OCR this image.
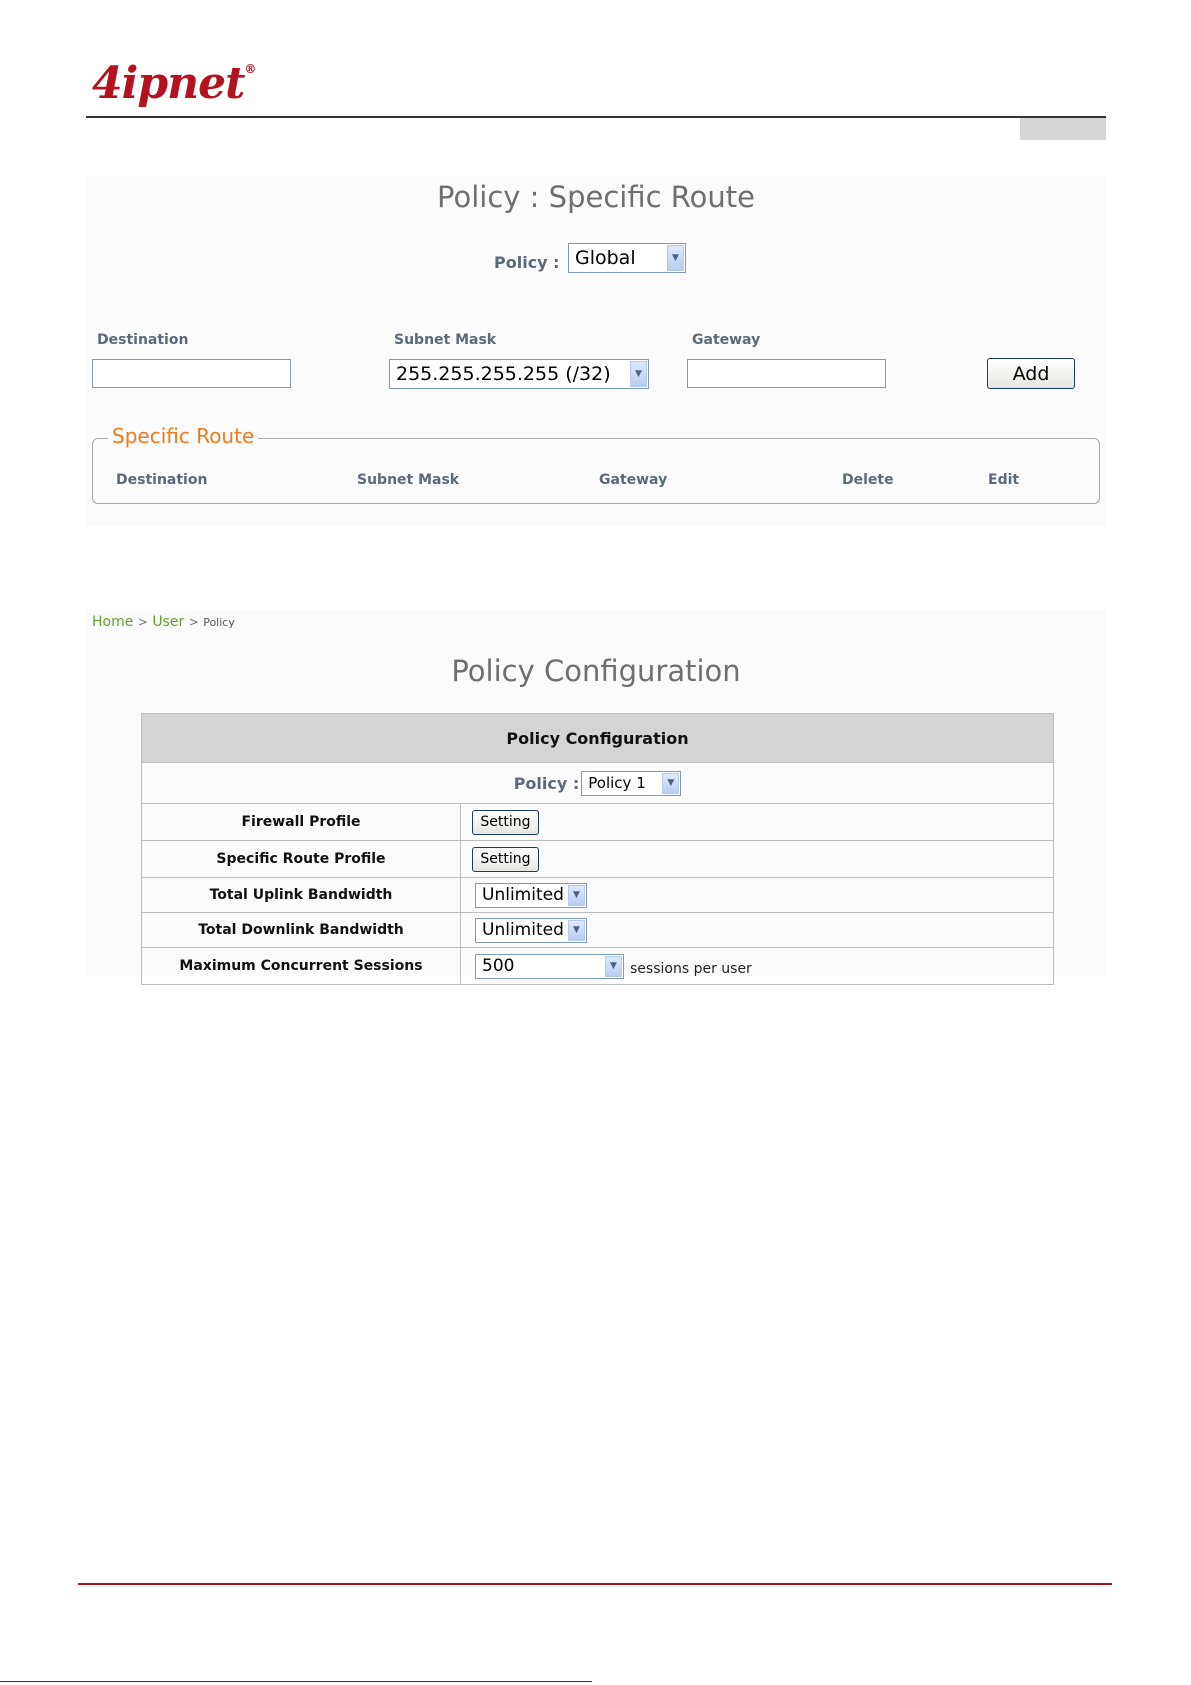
4ipnet®
Policy : Specific Route
Policy : Global	▼
Destination	Subnet Mask	Gateway
255.255.255.255 (/32)	▼	Add
Specific Route
Destination	Subnet Mask	Gateway	Delete	Edit
Home > User > Policy
Policy Configuration
Policy Configuration	

Policy : Policy 1 ▼	

Firewall Profile	Setting

Specific Route Profile	Setting

Total Uplink Bandwidth	Unlimited ▼

Total Downlink Bandwidth	Unlimited ▼

Maximum Concurrent Sessions	500 ▼ sessions per user
